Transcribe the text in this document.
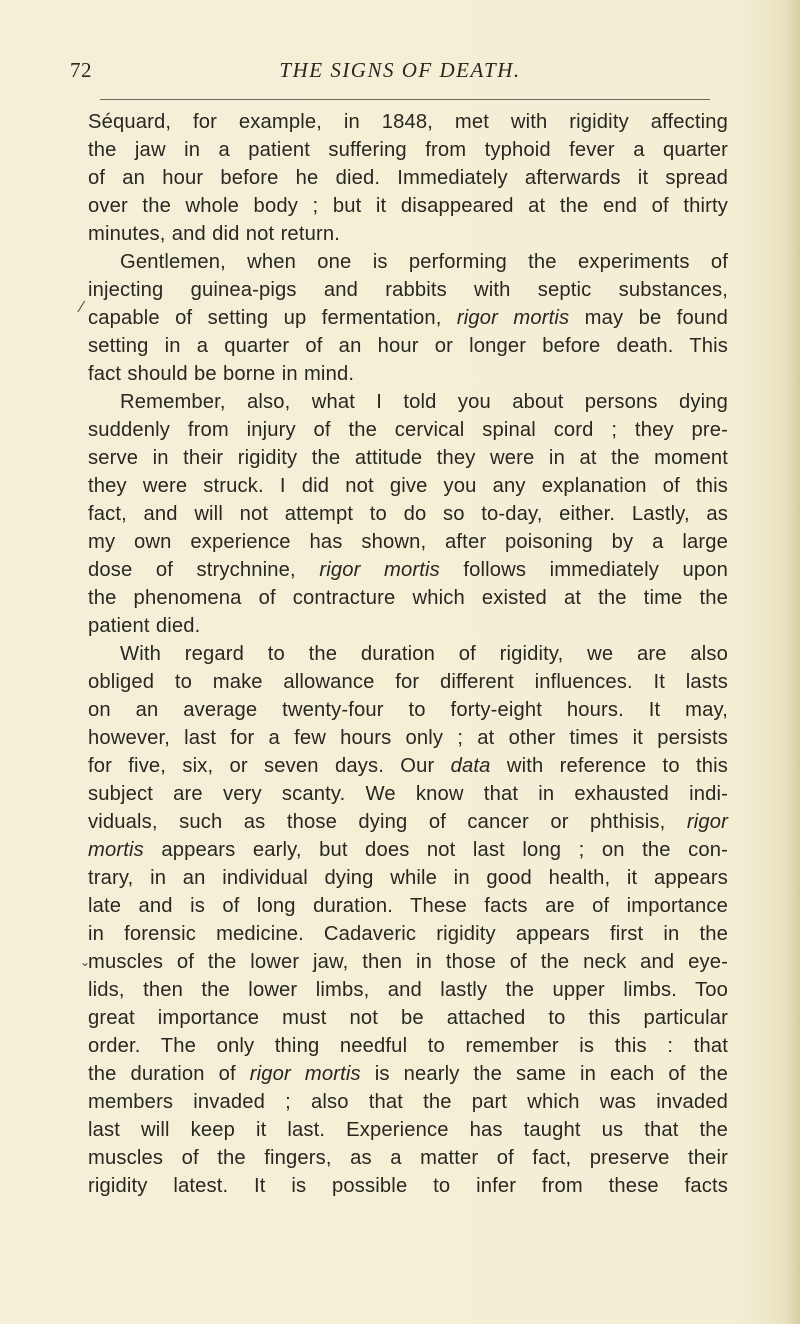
72	THE SIGNS OF DEATH.
Séquard, for example, in 1848, met with rigidity affecting
the jaw in a patient suffering from typhoid fever a quarter
of an hour before he died. Immediately afterwards it spread
over the whole body ; but it disappeared at the end of thirty
minutes, and did not return.
Gentlemen, when one is performing the experiments of
injecting guinea-pigs and rabbits with septic substances,
capable of setting up fermentation, rigor mortis may be found
setting in a quarter of an hour or longer before death. This
fact should be borne in mind.
Remember, also, what I told you about persons dying
suddenly from injury of the cervical spinal cord ; they pre-
serve in their rigidity the attitude they were in at the moment
they were struck. I did not give you any explanation of this
fact, and will not attempt to do so to-day, either. Lastly, as
my own experience has shown, after poisoning by a large
dose of strychnine, rigor mortis follows immediately upon
the phenomena of contracture which existed at the time the
patient died.
With regard to the duration of rigidity, we are also
obliged to make allowance for different influences. It lasts
on an average twenty-four to forty-eight hours. It may,
however, last for a few hours only ; at other times it persists
for five, six, or seven days. Our data with reference to this
subject are very scanty. We know that in exhausted indi-
viduals, such as those dying of cancer or phthisis, rigor
mortis appears early, but does not last long ; on the con-
trary, in an individual dying while in good health, it appears
late and is of long duration. These facts are of importance
in forensic medicine. Cadaveric rigidity appears first in the
muscles of the lower jaw, then in those of the neck and eye-
lids, then the lower limbs, and lastly the upper limbs. Too
great importance must not be attached to this particular
order. The only thing needful to remember is this : that
the duration of rigor mortis is nearly the same in each of the
members invaded ; also that the part which was invaded
last will keep it last. Experience has taught us that the
muscles of the fingers, as a matter of fact, preserve their
rigidity latest. It is possible to infer from these facts
⁄
⌄
